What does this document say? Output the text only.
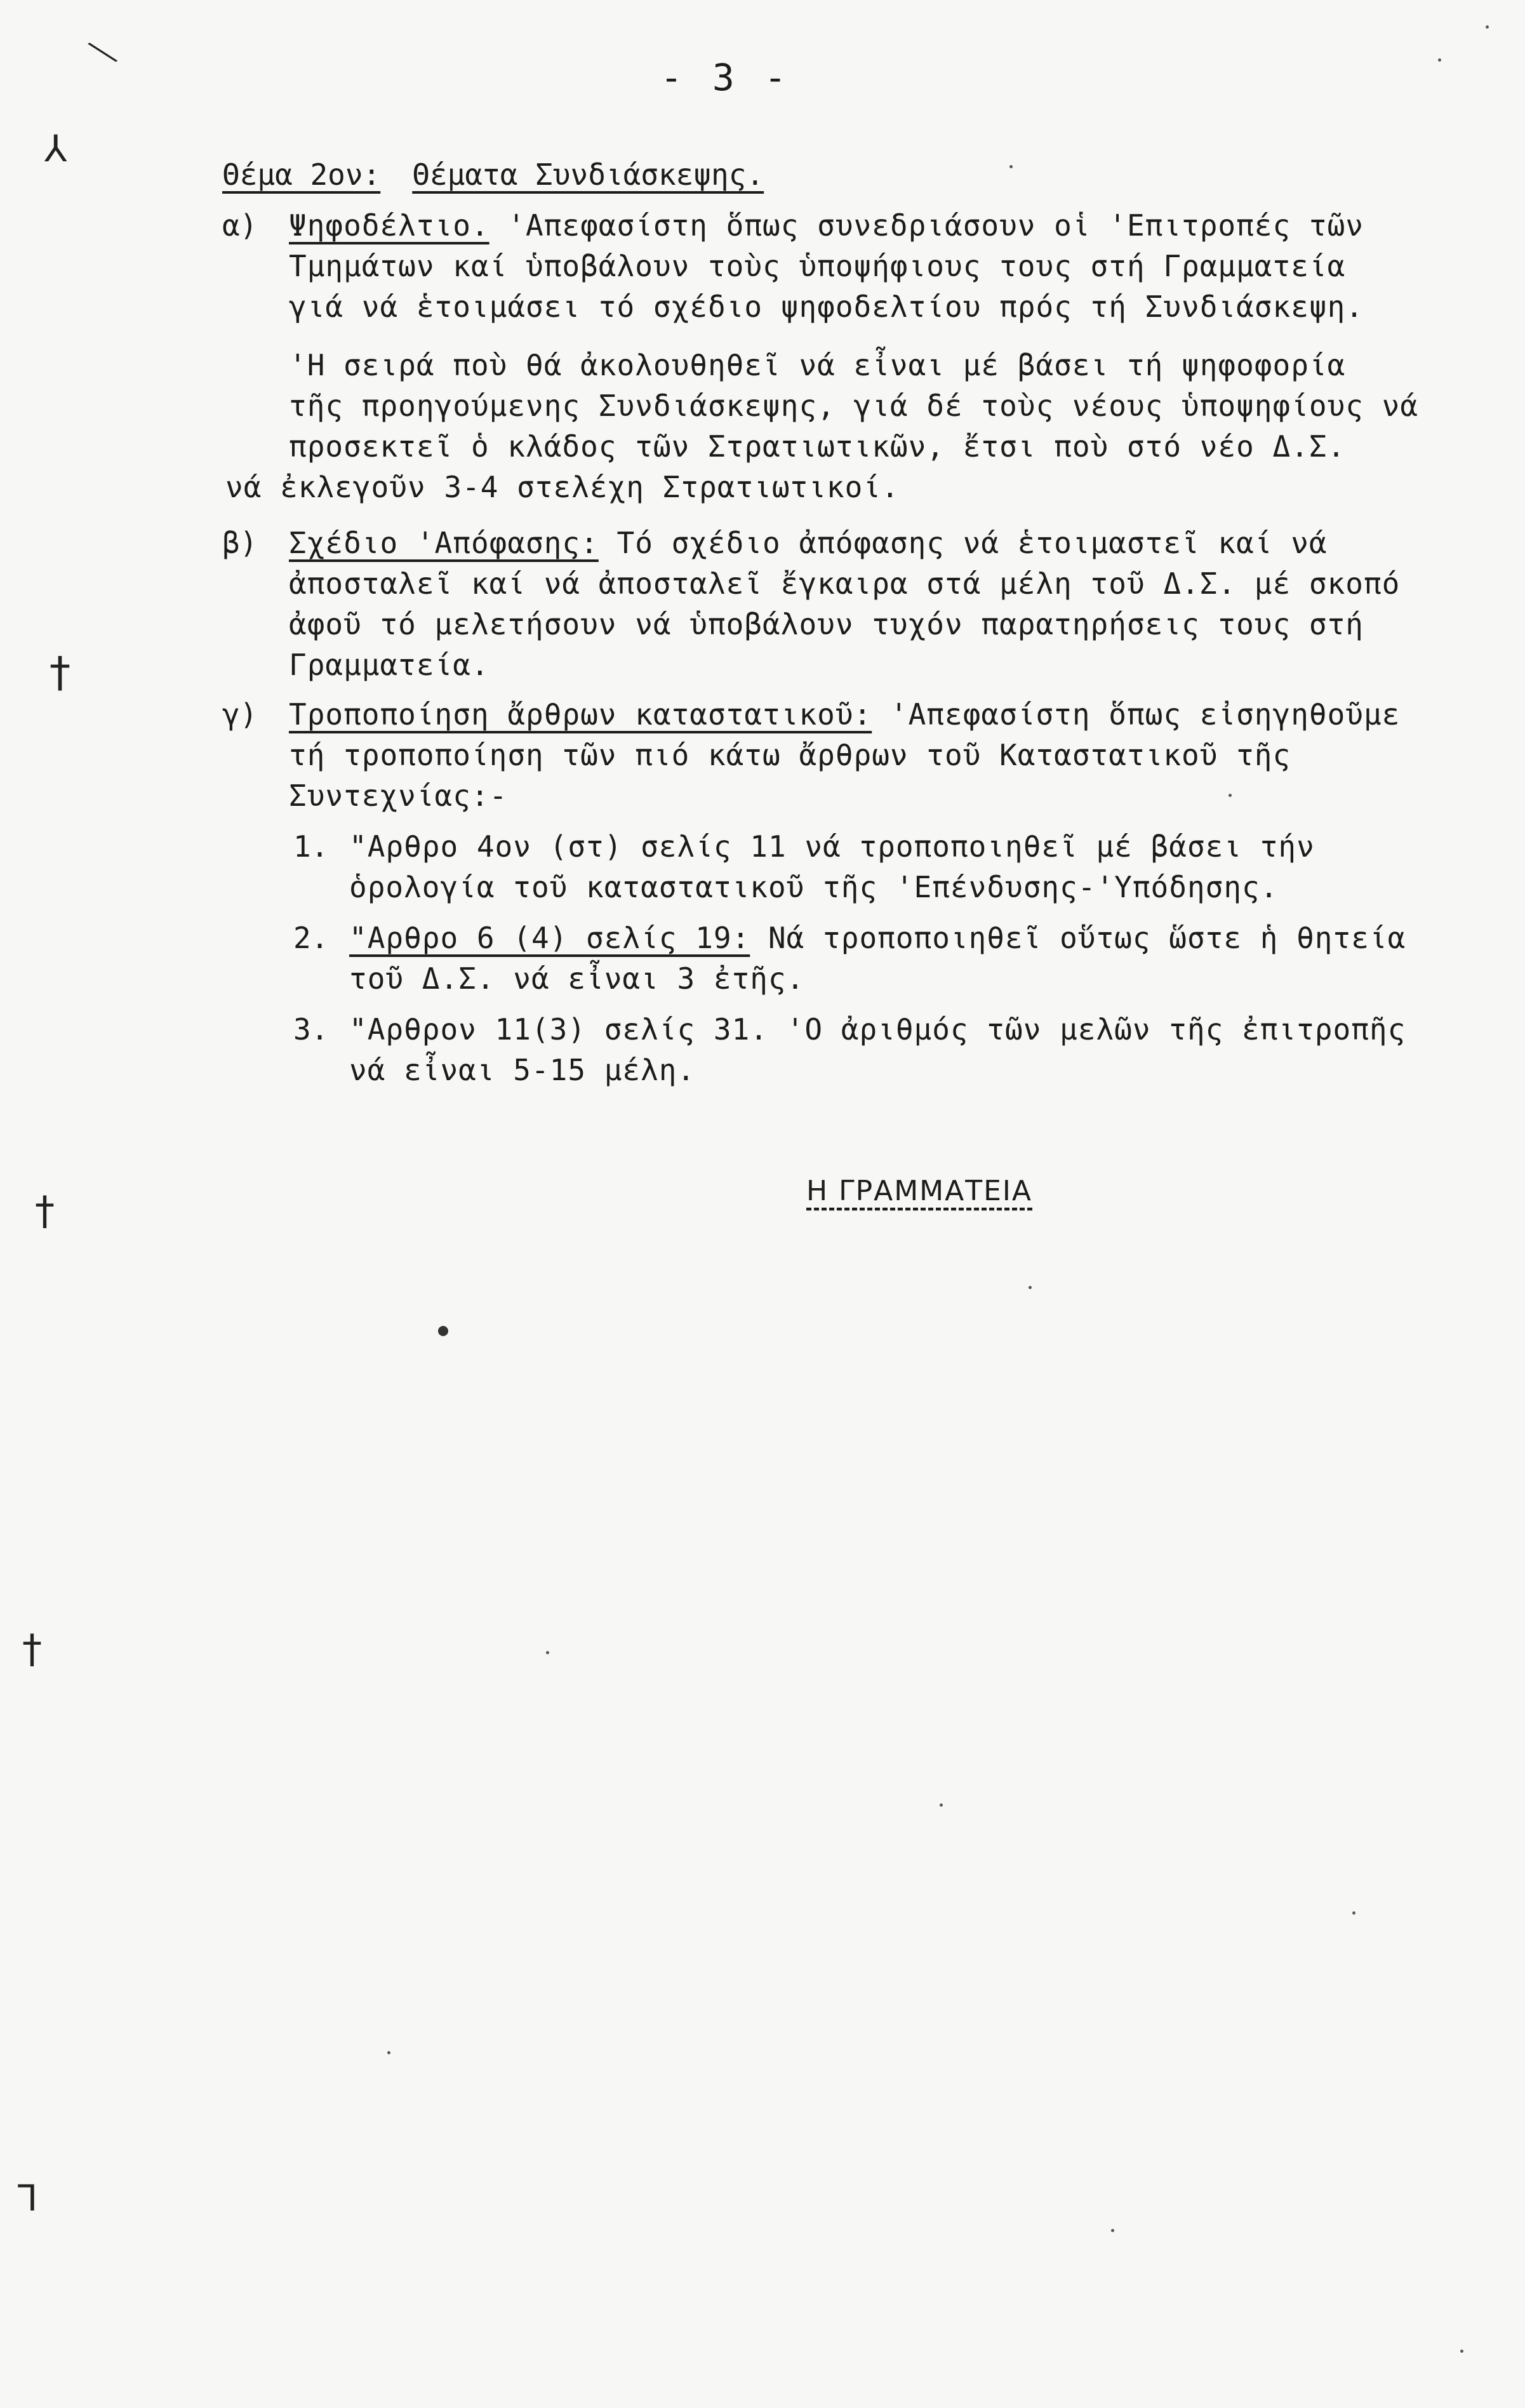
- 3 -
Θέμα 2ον: Θέματα Συνδιάσκεψης.
α) Ψηφοδέλτιο. 'Απεφασίστη ὅπως συνεδριάσουν οἱ 'Επιτροπές τῶν
Τμημάτων καί ὑποβάλουν τοὺς ὑποψήφιους τους στή Γραμματεία
γιά νά ἑτοιμάσει τό σχέδιο ψηφοδελτίου πρός τή Συνδιάσκεψη.
'Η σειρά ποὺ θά ἀκολουθηθεῖ νά εἶναι μέ βάσει τή ψηφοφορία
τῆς προηγούμενης Συνδιάσκεψης, γιά δέ τοὺς νέους ὑποψηφίους νά
προσεκτεῖ ὁ κλάδος τῶν Στρατιωτικῶν, ἔτσι ποὺ στό νέο Δ.Σ.
νά ἐκλεγοῦν 3-4 στελέχη Στρατιωτικοί.
β) Σχέδιο 'Απόφασης: Τό σχέδιο ἀπόφασης νά ἑτοιμαστεῖ καί νά
ἀποσταλεῖ καί νά ἀποσταλεῖ ἔγκαιρα στά μέλη τοῦ Δ.Σ. μέ σκοπό
ἀφοῦ τό μελετήσουν νά ὑποβάλουν τυχόν παρατηρήσεις τους στή
Γραμματεία.
γ) Τροποποίηση ἄρθρων καταστατικοῦ: 'Απεφασίστη ὅπως εἰσηγηθοῦμε
τή τροποποίηση τῶν πιό κάτω ἄρθρων τοῦ Καταστατικοῦ τῆς
Συντεχνίας:-
1. "Αρθρο 4ον (στ) σελίς 11 νά τροποποιηθεῖ μέ βάσει τήν
ὁρολογία τοῦ καταστατικοῦ τῆς 'Επένδυσης-'Υπόδησης.
2. "Αρθρο 6 (4) σελίς 19: Νά τροποποιηθεῖ οὕτως ὥστε ἡ θητεία
τοῦ Δ.Σ. νά εἶναι 3 ἐτῆς.
3. "Αρθρον 11(3) σελίς 31. 'Ο ἀριθμός τῶν μελῶν τῆς ἐπιτροπῆς
νά εἶναι 5-15 μέλη.
Η ΓΡΑΜΜΑΤΕΙΑ
╲
⅄
†
†
†
ᒣ
